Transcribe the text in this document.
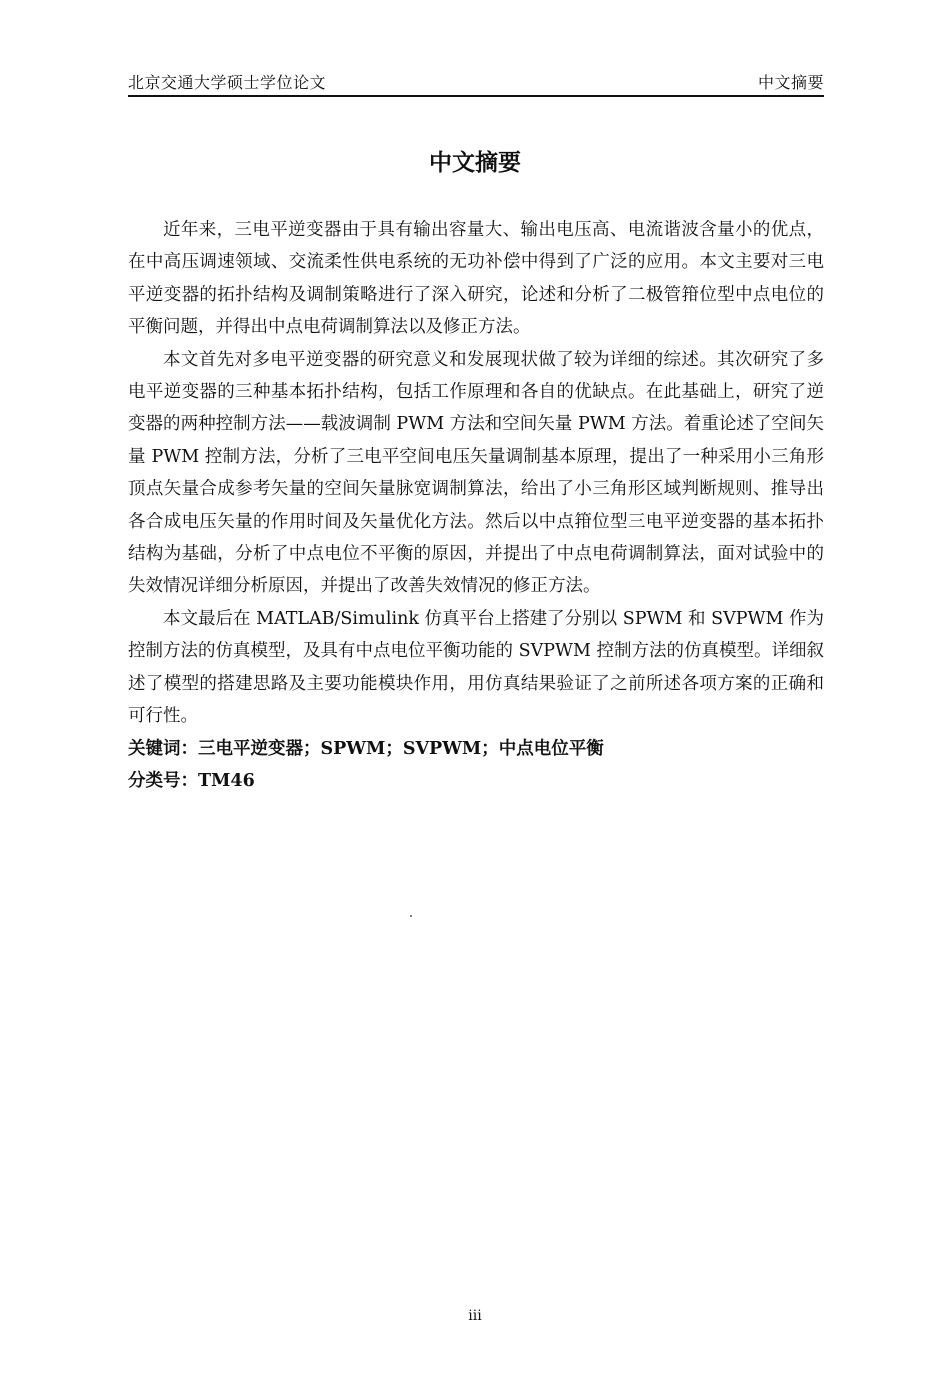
北京交通大学硕士学位论文	中文摘要
中文摘要

近年来，三电平逆变器由于具有输出容量大、输出电压高、电流谐波含量小的优点，在中高压调速领域、交流柔性供电系统的无功补偿中得到了广泛的应用。本文主要对三电平逆变器的拓扑结构及调制策略进行了深入研究，论述和分析了二极管箝位型中点电位的平衡问题，并得出中点电荷调制算法以及修正方法。

本文首先对多电平逆变器的研究意义和发展现状做了较为详细的综述。其次研究了多电平逆变器的三种基本拓扑结构，包括工作原理和各自的优缺点。在此基础上，研究了逆变器的两种控制方法——载波调制 PWM 方法和空间矢量 PWM 方法。着重论述了空间矢量 PWM 控制方法，分析了三电平空间电压矢量调制基本原理，提出了一种采用小三角形顶点矢量合成参考矢量的空间矢量脉宽调制算法，给出了小三角形区域判断规则、推导出各合成电压矢量的作用时间及矢量优化方法。然后以中点箝位型三电平逆变器的基本拓扑结构为基础，分析了中点电位不平衡的原因，并提出了中点电荷调制算法，面对试验中的失效情况详细分析原因，并提出了改善失效情况的修正方法。

本文最后在 MATLAB/Simulink 仿真平台上搭建了分别以 SPWM 和 SVPWM 作为控制方法的仿真模型，及具有中点电位平衡功能的 SVPWM 控制方法的仿真模型。详细叙述了模型的搭建思路及主要功能模块作用，用仿真结果验证了之前所述各项方案的正确和可行性。

关键词：三电平逆变器；SPWM；SVPWM；中点电位平衡
分类号：TM46
iii
